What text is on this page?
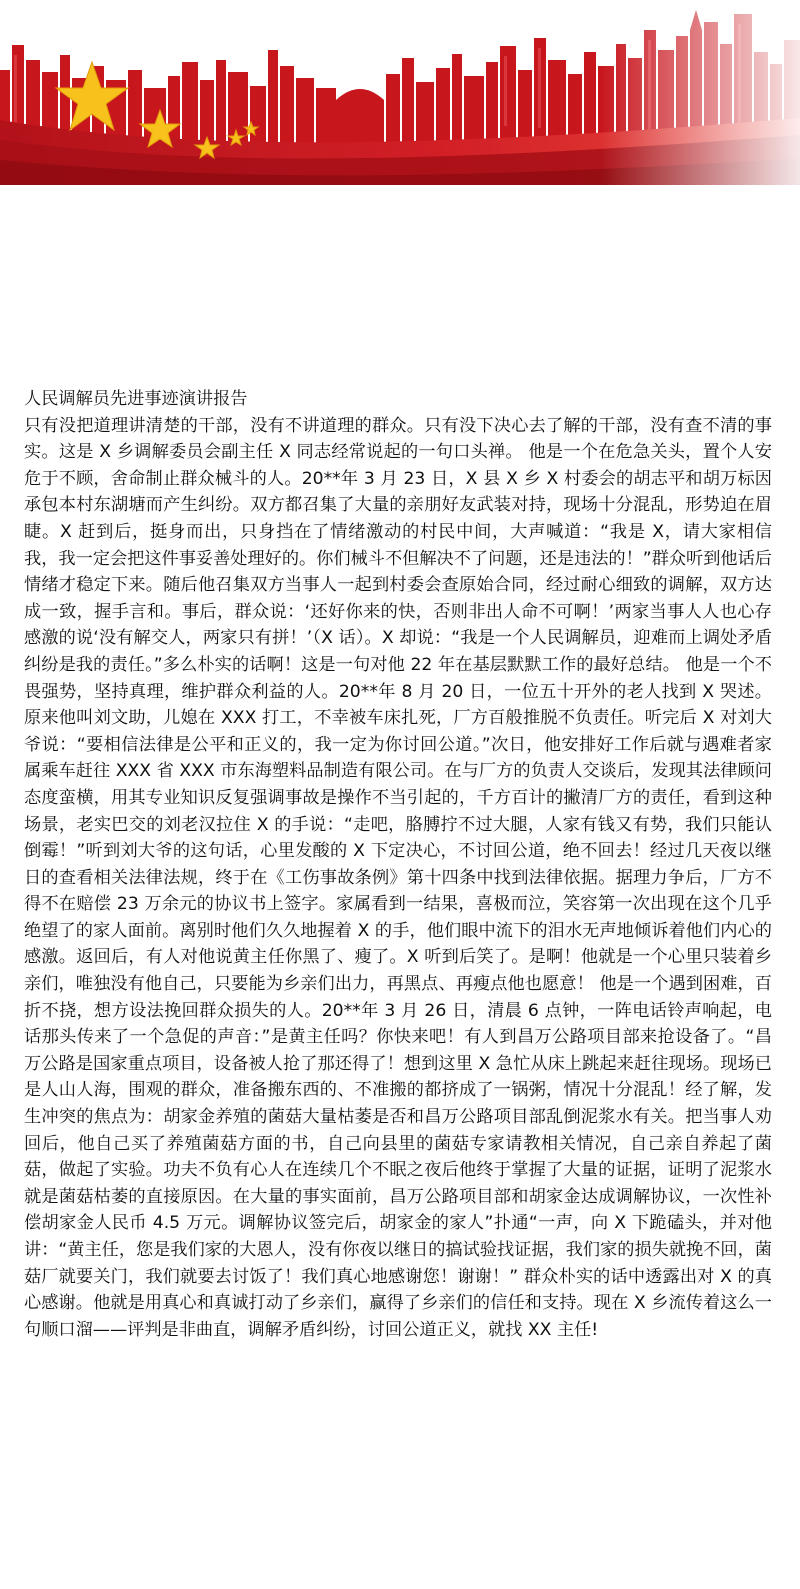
人民调解员先进事迹演讲报告

只有没把道理讲清楚的干部，没有不讲道理的群众。只有没下决心去了解的干部，没有查不清的事实。这是 X 乡调解委员会副主任 X 同志经常说起的一句口头禅。 他是一个在危急关头，置个人安危于不顾，舍命制止群众械斗的人。20**年 3 月 23 日，X 县 X 乡 X 村委会的胡志平和胡万标因承包本村东湖塘而产生纠纷。双方都召集了大量的亲朋好友武装对持，现场十分混乱，形势迫在眉睫。X 赶到后，挺身而出，只身挡在了情绪激动的村民中间，大声喊道：“我是 X，请大家相信我，我一定会把这件事妥善处理好的。你们械斗不但解决不了问题，还是违法的！”群众听到他话后情绪才稳定下来。随后他召集双方当事人一起到村委会查原始合同，经过耐心细致的调解，双方达成一致，握手言和。事后，群众说：‘还好你来的快，否则非出人命不可啊！’两家当事人人也心存感激的说‘没有解交人，两家只有拼！’（X 话）。X 却说：“我是一个人民调解员，迎难而上调处矛盾纠纷是我的责任。”多么朴实的话啊！这是一句对他 22 年在基层默默工作的最好总结。 他是一个不畏强势，坚持真理，维护群众利益的人。20**年 8 月 20 日，一位五十开外的老人找到 X 哭述。原来他叫刘文助，儿媳在 XXX 打工，不幸被车床扎死，厂方百般推脱不负责任。听完后 X 对刘大爷说：“要相信法律是公平和正义的，我一定为你讨回公道。”次日，他安排好工作后就与遇难者家属乘车赶往 XXX 省 XXX 市东海塑料品制造有限公司。在与厂方的负责人交谈后，发现其法律顾问态度蛮横，用其专业知识反复强调事故是操作不当引起的，千方百计的撇清厂方的责任，看到这种场景，老实巴交的刘老汉拉住 X 的手说：“走吧，胳膊拧不过大腿，人家有钱又有势，我们只能认倒霉！”听到刘大爷的这句话，心里发酸的 X 下定决心，不讨回公道，绝不回去！经过几天夜以继日的查看相关法律法规，终于在《工伤事故条例》第十四条中找到法律依据。据理力争后，厂方不得不在赔偿 23 万余元的协议书上签字。家属看到一结果，喜极而泣，笑容第一次出现在这个几乎绝望了的家人面前。离别时他们久久地握着 X 的手，他们眼中流下的泪水无声地倾诉着他们内心的感激。返回后，有人对他说黄主任你黑了、瘦了。X 听到后笑了。是啊！他就是一个心里只装着乡亲们，唯独没有他自己，只要能为乡亲们出力，再黑点、再瘦点他也愿意！ 他是一个遇到困难，百折不挠，想方设法挽回群众损失的人。20**年 3 月 26 日，清晨 6 点钟，一阵电话铃声响起，电话那头传来了一个急促的声音：”是黄主任吗？你快来吧！有人到昌万公路项目部来抢设备了。“昌万公路是国家重点项目，设备被人抢了那还得了！想到这里 X 急忙从床上跳起来赶往现场。现场已是人山人海，围观的群众，准备搬东西的、不准搬的都挤成了一锅粥，情况十分混乱！经了解，发生冲突的焦点为：胡家金养殖的菌菇大量枯萎是否和昌万公路项目部乱倒泥浆水有关。把当事人劝回后，他自己买了养殖菌菇方面的书，自己向县里的菌菇专家请教相关情况，自己亲自养起了菌菇，做起了实验。功夫不负有心人在连续几个不眠之夜后他终于掌握了大量的证据，证明了泥浆水就是菌菇枯萎的直接原因。在大量的事实面前，昌万公路项目部和胡家金达成调解协议，一次性补偿胡家金人民币 4.5 万元。调解协议签完后，胡家金的家人”扑通“一声，向 X 下跪磕头，并对他讲：“黄主任，您是我们家的大恩人，没有你夜以继日的搞试验找证据，我们家的损失就挽不回，菌菇厂就要关门，我们就要去讨饭了！我们真心地感谢您！谢谢！” 群众朴实的话中透露出对 X 的真心感谢。他就是用真心和真诚打动了乡亲们，赢得了乡亲们的信任和支持。现在 X 乡流传着这么一句顺口溜——评判是非曲直，调解矛盾纠纷，讨回公道正义，就找 XX 主任!
